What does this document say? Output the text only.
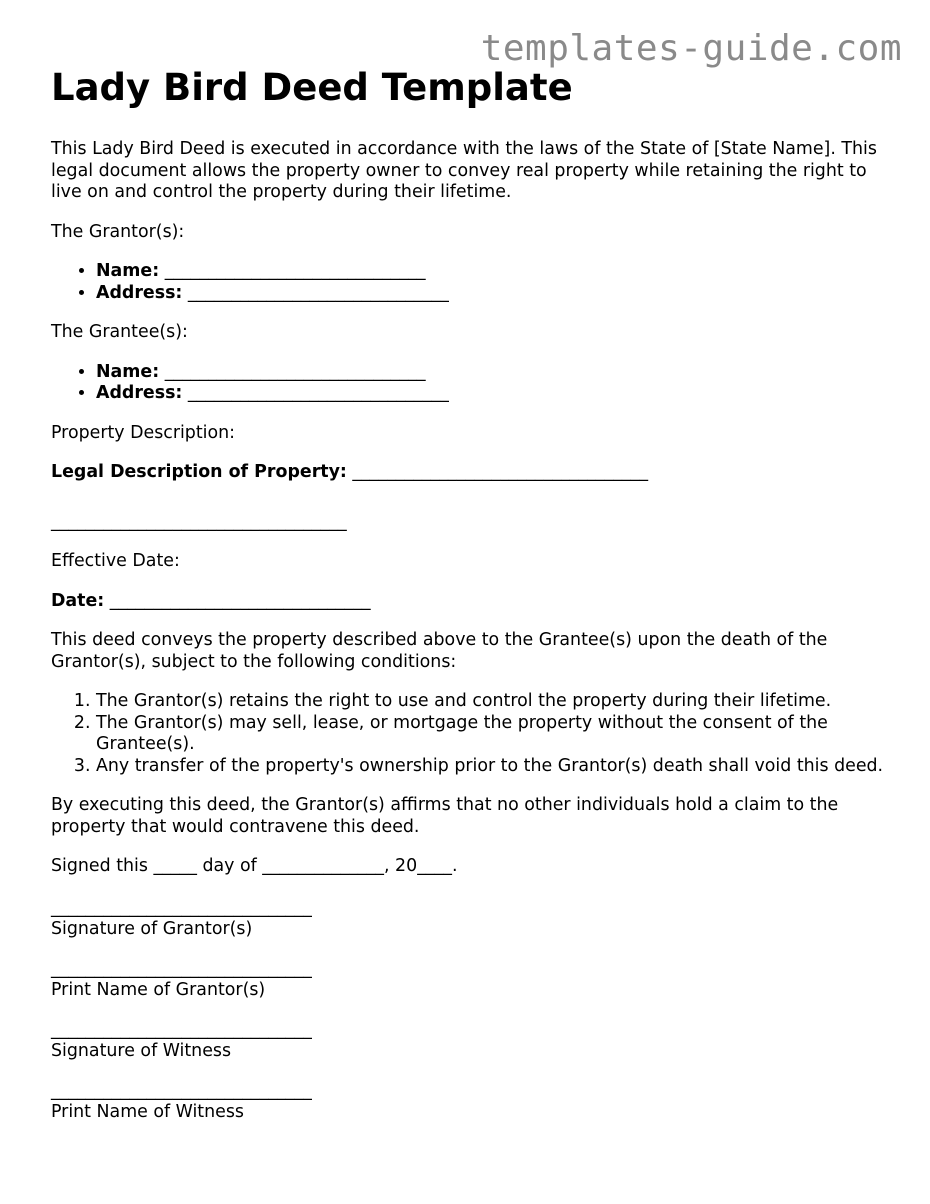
templates-guide.com
Lady Bird Deed Template

This Lady Bird Deed is executed in accordance with the laws of the State of [State Name]. This legal document allows the property owner to convey real property while retaining the right to live on and control the property during their lifetime.

The Grantor(s):

• Name: ______________________________
• Address: ______________________________

The Grantee(s):

• Name: ______________________________
• Address: ______________________________

Property Description:

Legal Description of Property: __________________________________

__________________________________

Effective Date:

Date: ______________________________

This deed conveys the property described above to the Grantee(s) upon the death of the Grantor(s), subject to the following conditions:

1. The Grantor(s) retains the right to use and control the property during their lifetime.
2. The Grantor(s) may sell, lease, or mortgage the property without the consent of the Grantee(s).
3. Any transfer of the property's ownership prior to the Grantor(s) death shall void this deed.

By executing this deed, the Grantor(s) affirms that no other individuals hold a claim to the property that would contravene this deed.

Signed this _____ day of ______________, 20____.

______________________________
Signature of Grantor(s)
______________________________
Print Name of Grantor(s)
______________________________
Signature of Witness
______________________________
Print Name of Witness
